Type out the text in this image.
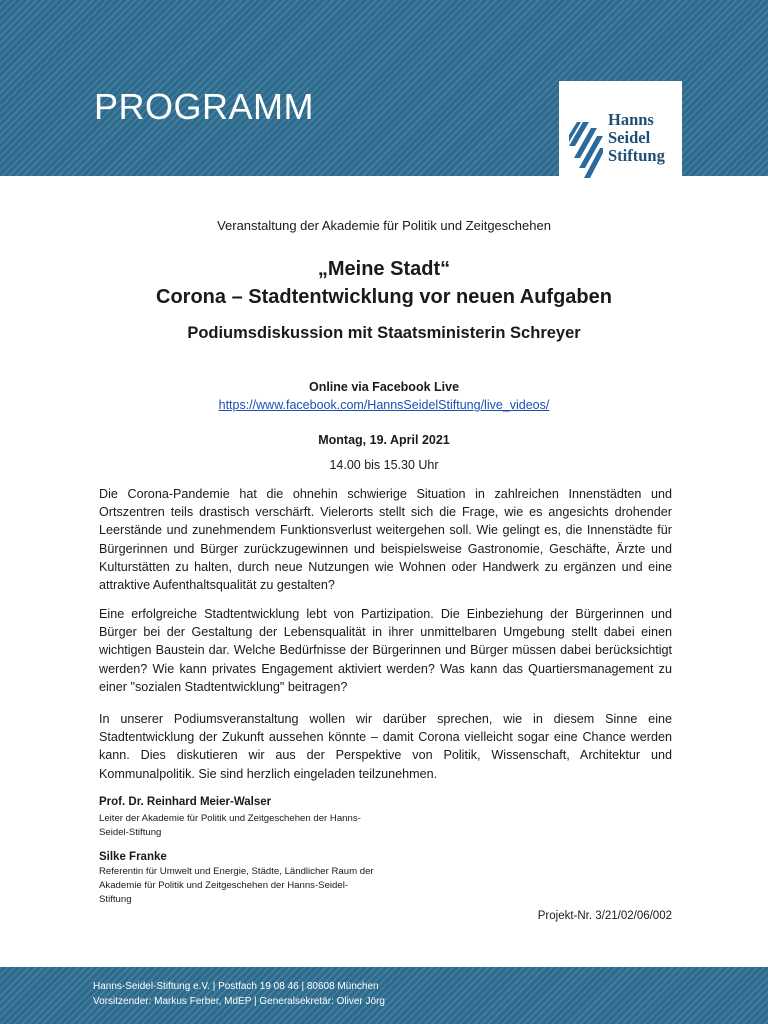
PROGRAMM	Hanns
Seidel
Stiftung
Veranstaltung der Akademie für Politik und Zeitgeschehen
„Meine Stadt“
Corona – Stadtentwicklung vor neuen Aufgaben
Podiumsdiskussion mit Staatsministerin Schreyer
Online via Facebook Live
https://www.facebook.com/HannsSeidelStiftung/live_videos/
Montag, 19. April 2021
14.00 bis 15.30 Uhr

Die Corona-Pandemie hat die ohnehin schwierige Situation in zahlreichen Innenstädten und Ortszentren teils drastisch verschärft. Vielerorts stellt sich die Frage, wie es angesichts drohender Leerstände und zunehmendem Funktionsverlust weitergehen soll. Wie gelingt es, die Innenstädte für Bürgerinnen und Bürger zurückzugewinnen und beispielsweise Gastronomie, Geschäfte, Ärzte und Kulturstätten zu halten, durch neue Nutzungen wie Wohnen oder Handwerk zu ergänzen und eine attraktive Aufenthaltsqualität zu gestalten?

Eine erfolgreiche Stadtentwicklung lebt von Partizipation. Die Einbeziehung der Bürgerinnen und Bürger bei der Gestaltung der Lebensqualität in ihrer unmittelbaren Umgebung stellt dabei einen wichtigen Baustein dar. Welche Bedürfnisse der Bürgerinnen und Bürger müssen dabei berücksichtigt werden? Wie kann privates Engagement aktiviert werden? Was kann das Quartiersmanagement zu einer "sozialen Stadtentwicklung" beitragen?

In unserer Podiumsveranstaltung wollen wir darüber sprechen, wie in diesem Sinne eine Stadtentwicklung der Zukunft aussehen könnte – damit Corona vielleicht sogar eine Chance werden kann. Dies diskutieren wir aus der Perspektive von Politik, Wissenschaft, Architektur und Kommunalpolitik. Sie sind herzlich eingeladen teilzunehmen.

Prof. Dr. Reinhard Meier-Walser
Leiter der Akademie für Politik und Zeitgeschehen der Hanns-Seidel-Stiftung
Silke Franke
Referentin für Umwelt und Energie, Städte, Ländlicher Raum der Akademie für Politik und Zeitgeschehen der Hanns-Seidel-Stiftung
Projekt-Nr. 3/21/02/06/002
Hanns-Seidel-Stiftung e.V. | Postfach 19 08 46 | 80608 München
Vorsitzender: Markus Ferber, MdEP | Generalsekretär: Oliver Jörg
